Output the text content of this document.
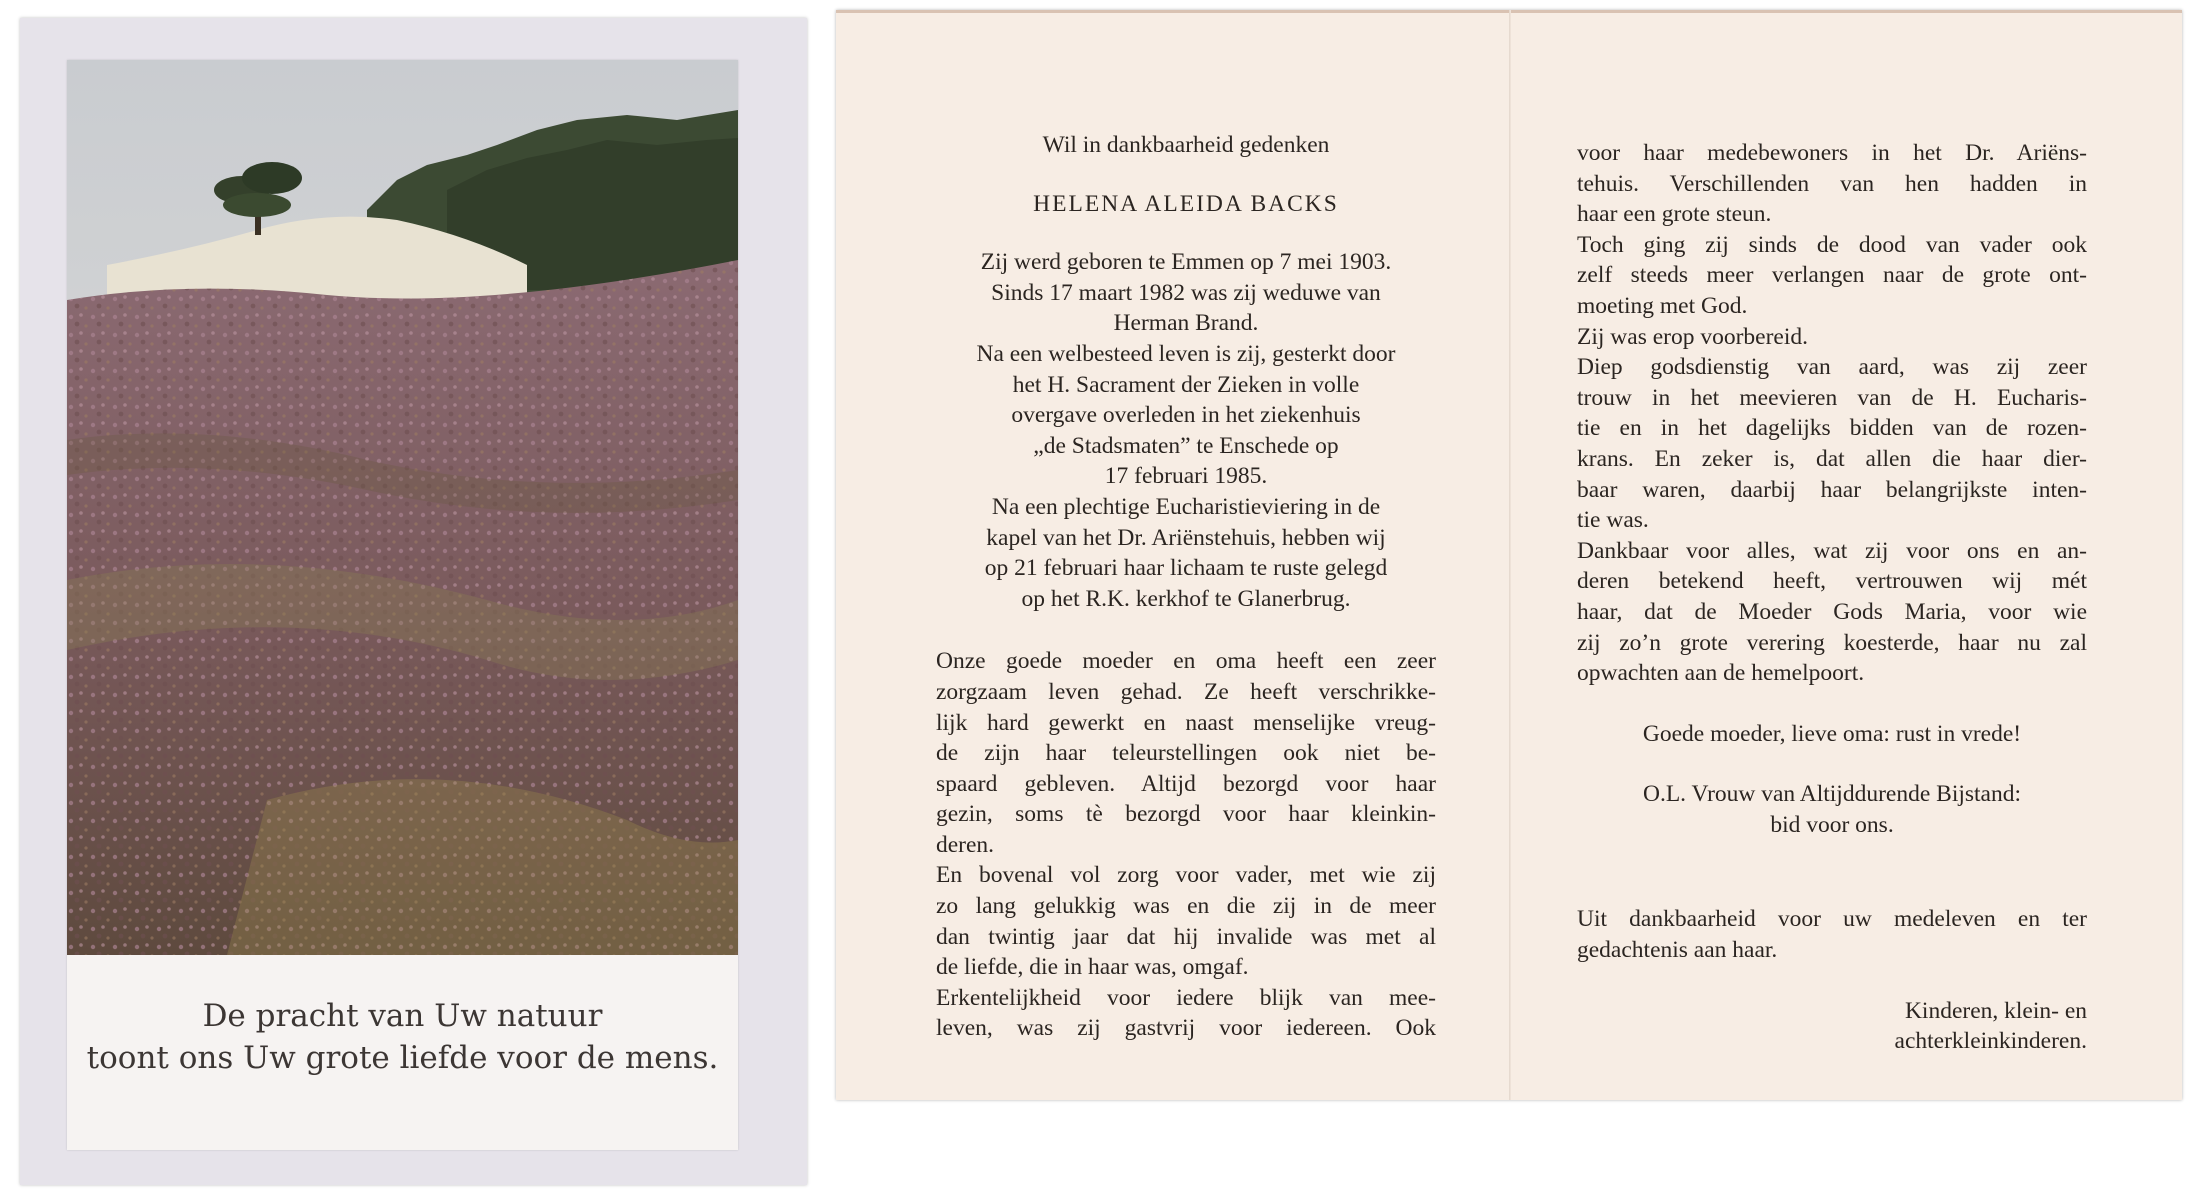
De pracht van Uw natuur
toont ons Uw grote liefde voor de mens.
Wil in dankbaarheid gedenken
HELENA ALEIDA BACKS
Zij werd geboren te Emmen op 7 mei 1903.
Sinds 17 maart 1982 was zij weduwe van
Herman Brand.
Na een welbesteed leven is zij, gesterkt door
het H. Sacrament der Zieken in volle
overgave overleden in het ziekenhuis
„de Stadsmaten” te Enschede op
17 februari 1985.
Na een plechtige Eucharistieviering in de
kapel van het Dr. Ariënstehuis, hebben wij
op 21 februari haar lichaam te ruste gelegd
op het R.K. kerkhof te Glanerbrug.
Onze goede moeder en oma heeft een zeer
zorgzaam leven gehad. Ze heeft verschrikke-
lijk hard gewerkt en naast menselijke vreug-
de zijn haar teleurstellingen ook niet be-
spaard gebleven. Altijd bezorgd voor haar
gezin, soms tè bezorgd voor haar kleinkin-
deren.
En bovenal vol zorg voor vader, met wie zij
zo lang gelukkig was en die zij in de meer
dan twintig jaar dat hij invalide was met al
de liefde, die in haar was, omgaf.
Erkentelijkheid voor iedere blijk van mee-
leven, was zij gastvrij voor iedereen. Ook
voor haar medebewoners in het Dr. Ariëns-
tehuis. Verschillenden van hen hadden in
haar een grote steun.
Toch ging zij sinds de dood van vader ook
zelf steeds meer verlangen naar de grote ont-
moeting met God.
Zij was erop voorbereid.
Diep godsdienstig van aard, was zij zeer
trouw in het meevieren van de H. Eucharis-
tie en in het dagelijks bidden van de rozen-
krans. En zeker is, dat allen die haar dier-
baar waren, daarbij haar belangrijkste inten-
tie was.
Dankbaar voor alles, wat zij voor ons en an-
deren betekend heeft, vertrouwen wij mét
haar, dat de Moeder Gods Maria, voor wie
zij zo’n grote verering koesterde, haar nu zal
opwachten aan de hemelpoort.
Goede moeder, lieve oma: rust in vrede!
O.L. Vrouw van Altijddurende Bijstand:
bid voor ons.
Uit dankbaarheid voor uw medeleven en ter
gedachtenis aan haar.
Kinderen, klein- en
achterkleinkinderen.
